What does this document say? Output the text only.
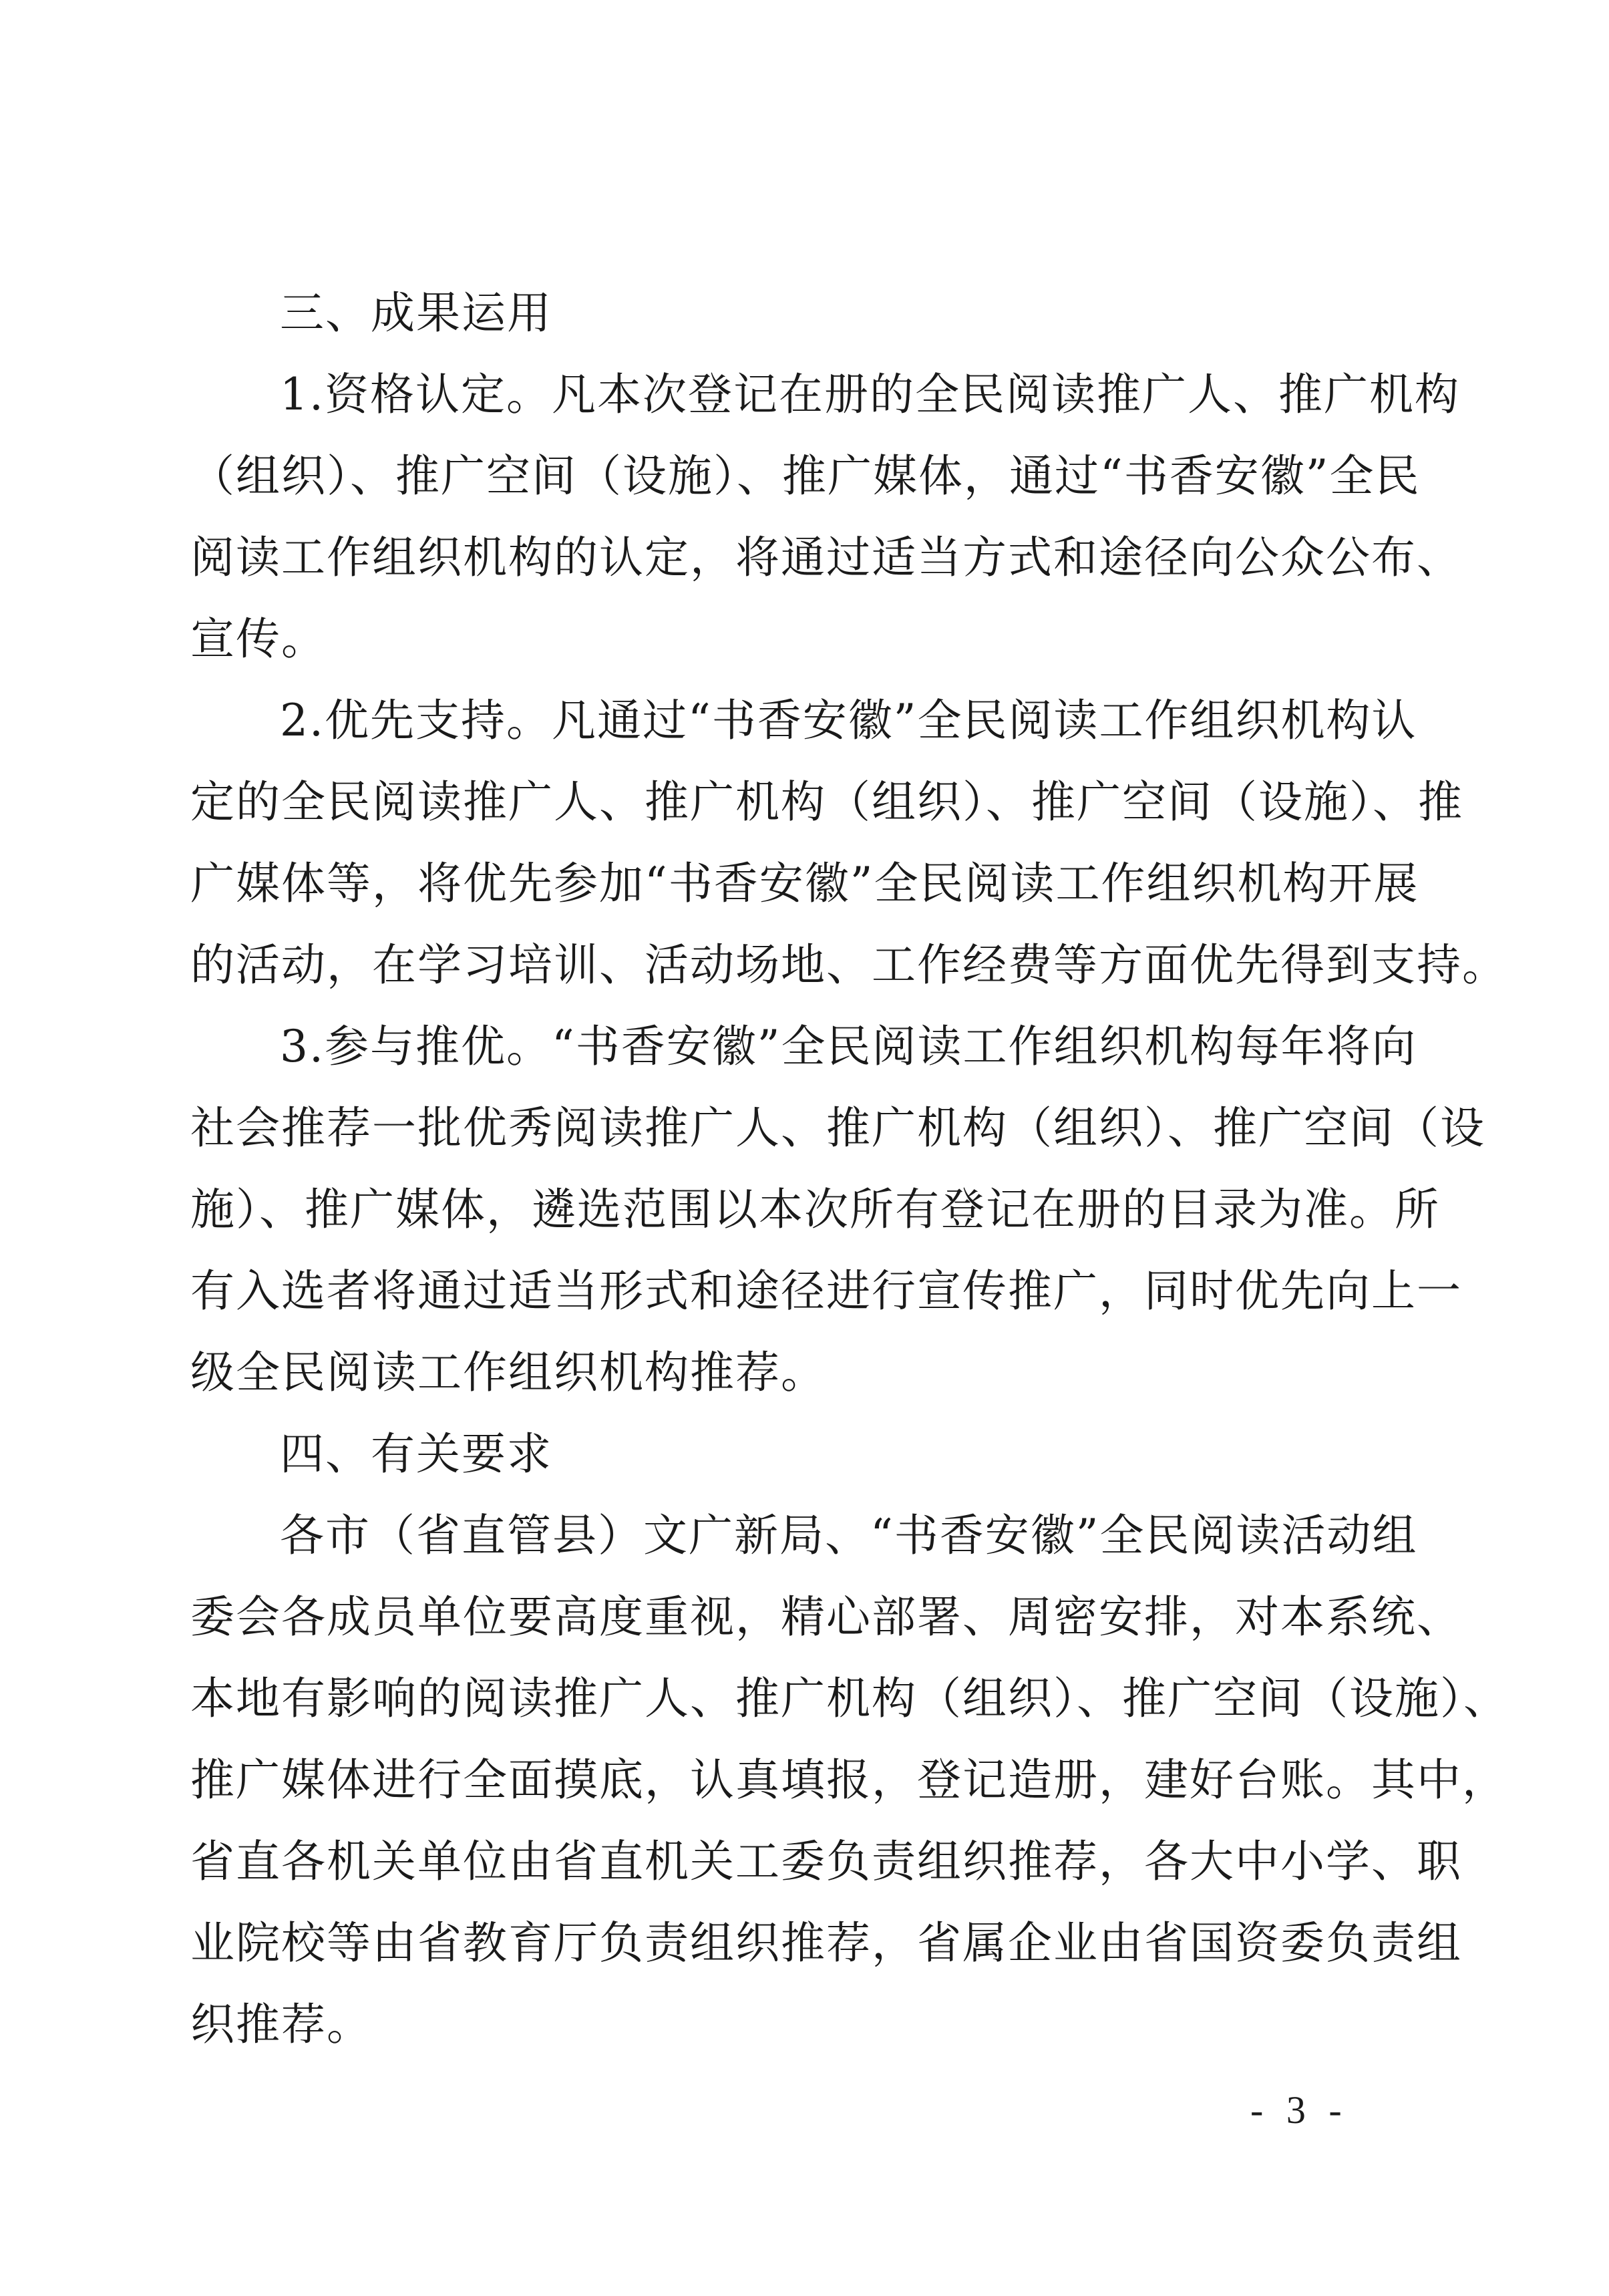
三、成果运用
1.资格认定。凡本次登记在册的全民阅读推广人、推广机构
（组织）、推广空间（设施）、推广媒体，通过“书香安徽”全民
阅读工作组织机构的认定，将通过适当方式和途径向公众公布、
宣传。
2.优先支持。凡通过“书香安徽”全民阅读工作组织机构认
定的全民阅读推广人、推广机构（组织）、推广空间（设施）、推
广媒体等，将优先参加“书香安徽”全民阅读工作组织机构开展
的活动，在学习培训、活动场地、工作经费等方面优先得到支持。
3.参与推优。“书香安徽”全民阅读工作组织机构每年将向
社会推荐一批优秀阅读推广人、推广机构（组织）、推广空间（设
施）、推广媒体，遴选范围以本次所有登记在册的目录为准。所
有入选者将通过适当形式和途径进行宣传推广，同时优先向上一
级全民阅读工作组织机构推荐。
四、有关要求
各市（省直管县）文广新局、“书香安徽”全民阅读活动组
委会各成员单位要高度重视，精心部署、周密安排，对本系统、
本地有影响的阅读推广人、推广机构（组织）、推广空间（设施）、
推广媒体进行全面摸底，认真填报，登记造册，建好台账。其中，
省直各机关单位由省直机关工委负责组织推荐，各大中小学、职
业院校等由省教育厅负责组织推荐，省属企业由省国资委负责组
织推荐。
- 3 -
